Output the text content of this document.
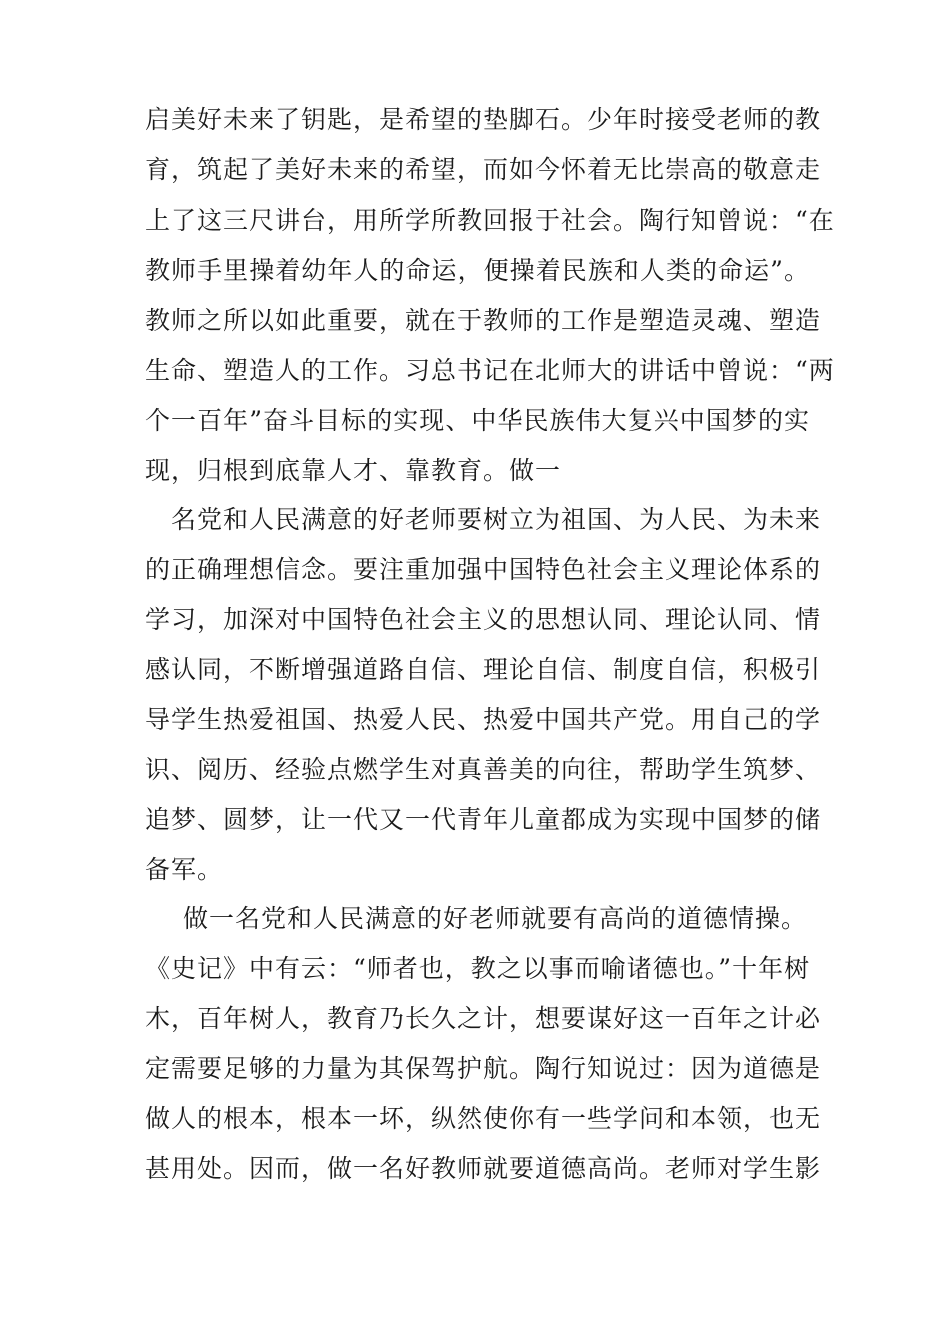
启美好未来了钥匙，是希望的垫脚石。少年时接受老师的教
育，筑起了美好未来的希望，而如今怀着无比崇高的敬意走
上了这三尺讲台，用所学所教回报于社会。陶行知曾说：“在
教师手里操着幼年人的命运，便操着民族和人类的命运”。
教师之所以如此重要，就在于教师的工作是塑造灵魂、塑造
生命、塑造人的工作。习总书记在北师大的讲话中曾说：“两
个一百年”奋斗目标的实现、中华民族伟大复兴中国梦的实
现，归根到底靠人才、靠教育。做一
名党和人民满意的好老师要树立为祖国、为人民、为未来
的正确理想信念。要注重加强中国特色社会主义理论体系的
学习，加深对中国特色社会主义的思想认同、理论认同、情
感认同，不断增强道路自信、理论自信、制度自信，积极引
导学生热爱祖国、热爱人民、热爱中国共产党。用自己的学
识、阅历、经验点燃学生对真善美的向往，帮助学生筑梦、
追梦、圆梦，让一代又一代青年儿童都成为实现中国梦的储
备军。
做一名党和人民满意的好老师就要有高尚的道德情操。
《史记》中有云：“师者也，教之以事而喻诸德也。”十年树
木，百年树人，教育乃长久之计，想要谋好这一百年之计必
定需要足够的力量为其保驾护航。陶行知说过：因为道德是
做人的根本，根本一坏，纵然使你有一些学问和本领，也无
甚用处。因而，做一名好教师就要道德高尚。老师对学生影
